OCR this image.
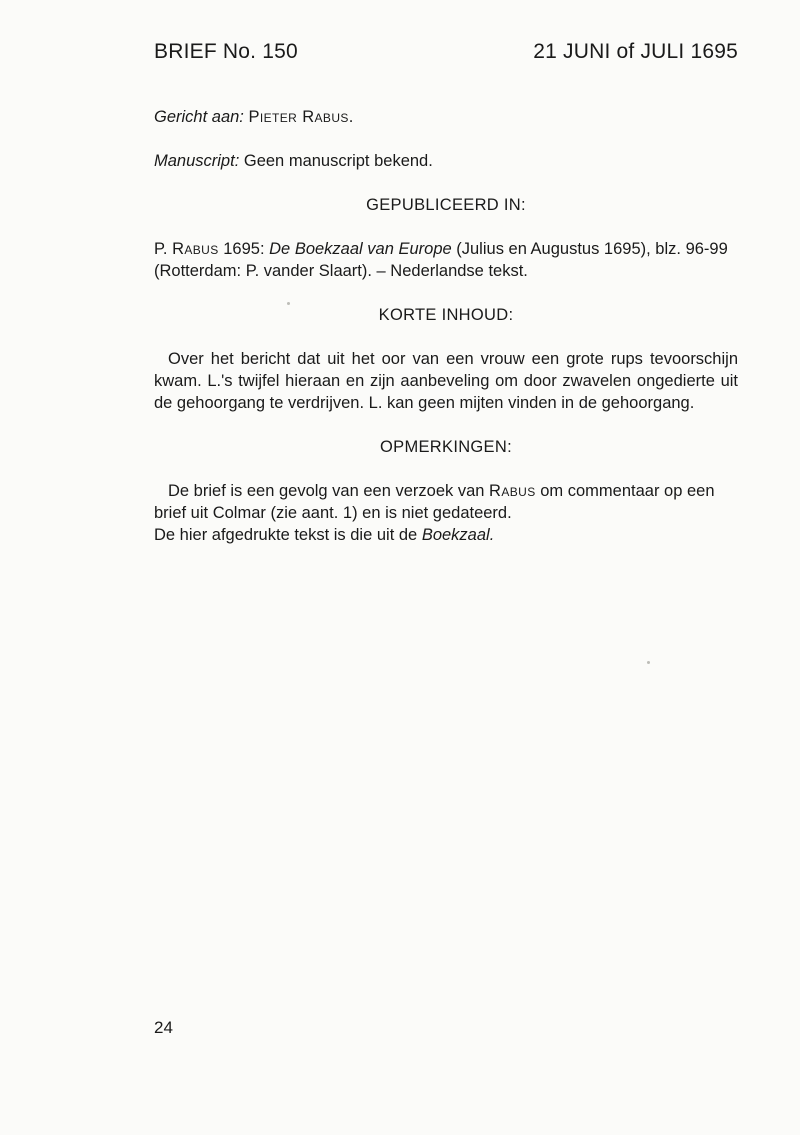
BRIEF No. 150	21 JUNI of JULI 1695

Gericht aan: Pieter Rabus.

Manuscript: Geen manuscript bekend.

GEPUBLICEERD IN:

P. Rabus 1695: De Boekzaal van Europe (Julius en Augustus 1695), blz. 96-99
(Rotterdam: P. vander Slaart). – Nederlandse tekst.

KORTE INHOUD:

Over het bericht dat uit het oor van een vrouw een grote rups tevoorschijn kwam. L.'s twijfel hieraan en zijn aanbeveling om door zwavelen ongedierte uit de gehoorgang te verdrijven. L. kan geen mijten vinden in de gehoorgang.

OPMERKINGEN:

De brief is een gevolg van een verzoek van Rabus om commentaar op een brief uit Colmar (zie aant. 1) en is niet gedateerd.
De hier afgedrukte tekst is die uit de Boekzaal.

24
